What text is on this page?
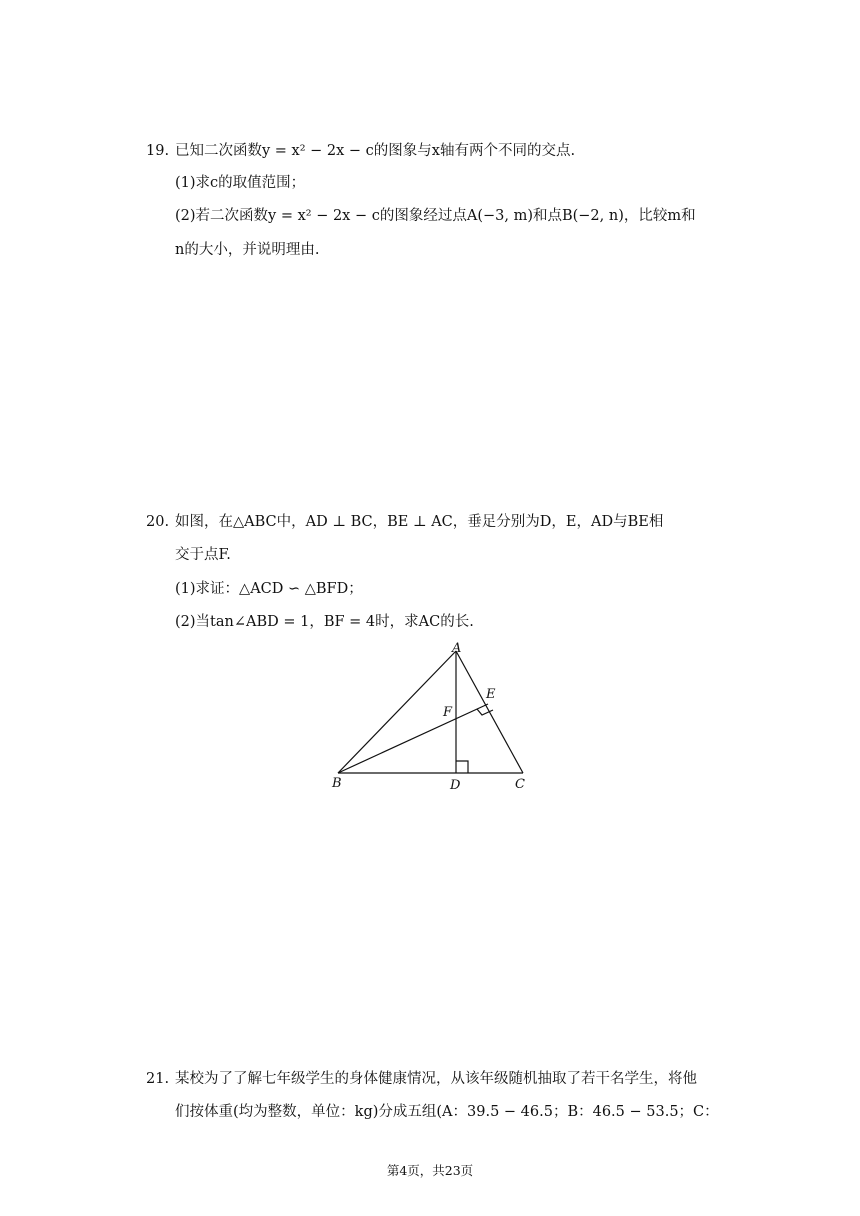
19. 已知二次函数y = x² − 2x − c的图象与x轴有两个不同的交点.
(1)求c的取值范围；
(2)若二次函数y = x² − 2x − c的图象经过点A(−3, m)和点B(−2, n)，比较m和
n的大小，并说明理由.
20. 如图，在△ABC中，AD ⊥ BC，BE ⊥ AC，垂足分别为D，E，AD与BE相
交于点F.
(1)求证：△ACD ∽ △BFD；
(2)当tan∠ABD = 1，BF = 4时，求AC的长.
A
E
F
B	D	C
21. 某校为了了解七年级学生的身体健康情况，从该年级随机抽取了若干名学生，将他
们按体重(均为整数，单位：kg)分成五组(A：39.5 − 46.5；B：46.5 − 53.5；C：
第4页，共23页
